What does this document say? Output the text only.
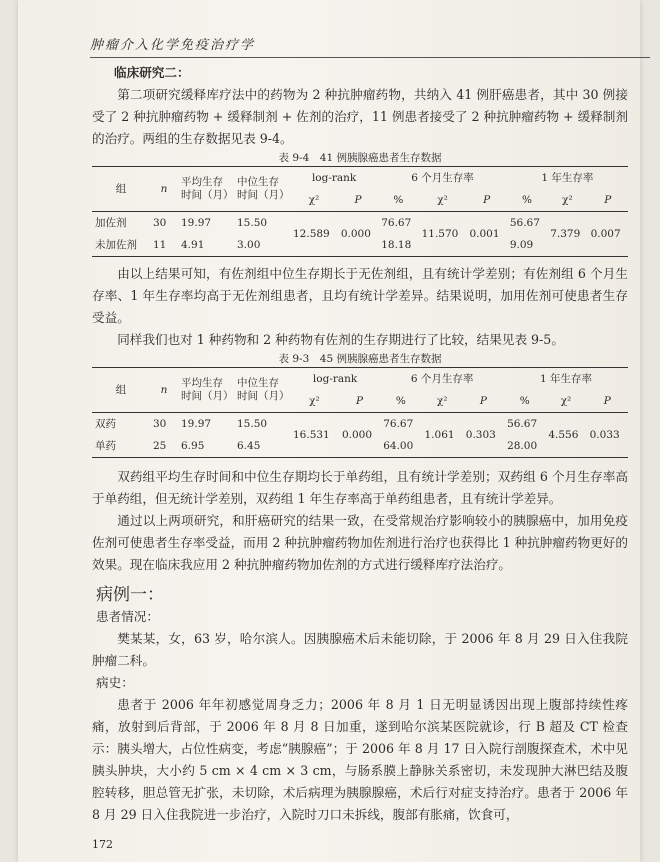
肿瘤介入化学免疫治疗学
临床研究二：

第二项研究缓释库疗法中的药物为 2 种抗肿瘤药物，共纳入 41 例肝癌患者，其中 30 例接受了 2 种抗肿瘤药物 + 缓释制剂 + 佐剂的治疗，11 例患者接受了 2 种抗肿瘤药物 + 缓释制剂的治疗。两组的生存数据见表 9-4。

表 9-4　41 例胰腺癌患者生存数据
组	n	平均生存时间（月）	中位生存时间（月）	log-rank		6 个月生存率			1 年生存率		
				χ²	P	%	χ²	P	%	χ²	P
加佐剂	30	19.97	15.50	12.589	0.000	76.67	11.570	0.001	56.67	7.379	0.007
未加佐剂	11	4.91	3.00			18.18			9.09		

由以上结果可知，有佐剂组中位生存期长于无佐剂组，且有统计学差别；有佐剂组 6 个月生存率、1 年生存率均高于无佐剂组患者，且均有统计学差异。结果说明，加用佐剂可使患者生存受益。

同样我们也对 1 种药物和 2 种药物有佐剂的生存期进行了比较，结果见表 9-5。

表 9-3　45 例胰腺癌患者生存数据
组	n	平均生存时间（月）	中位生存时间（月）	log-rank		6 个月生存率			1 年生存率		
				χ²	P	%	χ²	P	%	χ²	P
双药	30	19.97	15.50	16.531	0.000	76.67	1.061	0.303	56.67	4.556	0.033
单药	25	6.95	6.45			64.00			28.00		

双药组平均生存时间和中位生存期均长于单药组，且有统计学差别；双药组 6 个月生存率高于单药组，但无统计学差别，双药组 1 年生存率高于单药组患者，且有统计学差异。

通过以上两项研究，和肝癌研究的结果一致，在受常规治疗影响较小的胰腺癌中，加用免疫佐剂可使患者生存率受益，而用 2 种抗肿瘤药物加佐剂进行治疗也获得比 1 种抗肿瘤药物更好的效果。现在临床我应用 2 种抗肿瘤药物加佐剂的方式进行缓释库疗法治疗。

病例一：
患者情况：

樊某某，女，63 岁，哈尔滨人。因胰腺癌术后未能切除，于 2006 年 8 月 29 日入住我院肿瘤二科。

病史：

患者于 2006 年年初感觉周身乏力；2006 年 8 月 1 日无明显诱因出现上腹部持续性疼痛，放射到后背部，于 2006 年 8 月 8 日加重，遂到哈尔滨某医院就诊，行 B 超及 CT 检查示：胰头增大，占位性病变，考虑“胰腺癌”；于 2006 年 8 月 17 日入院行剖腹探查术，术中见胰头肿块，大小约 5 cm × 4 cm × 3 cm，与肠系膜上静脉关系密切，未发现肿大淋巴结及腹腔转移，胆总管无扩张，未切除，术后病理为胰腺腺癌，术后行对症支持治疗。患者于 2006 年 8 月 29 日入住我院进一步治疗，入院时刀口未拆线，腹部有胀痛，饮食可，

172
